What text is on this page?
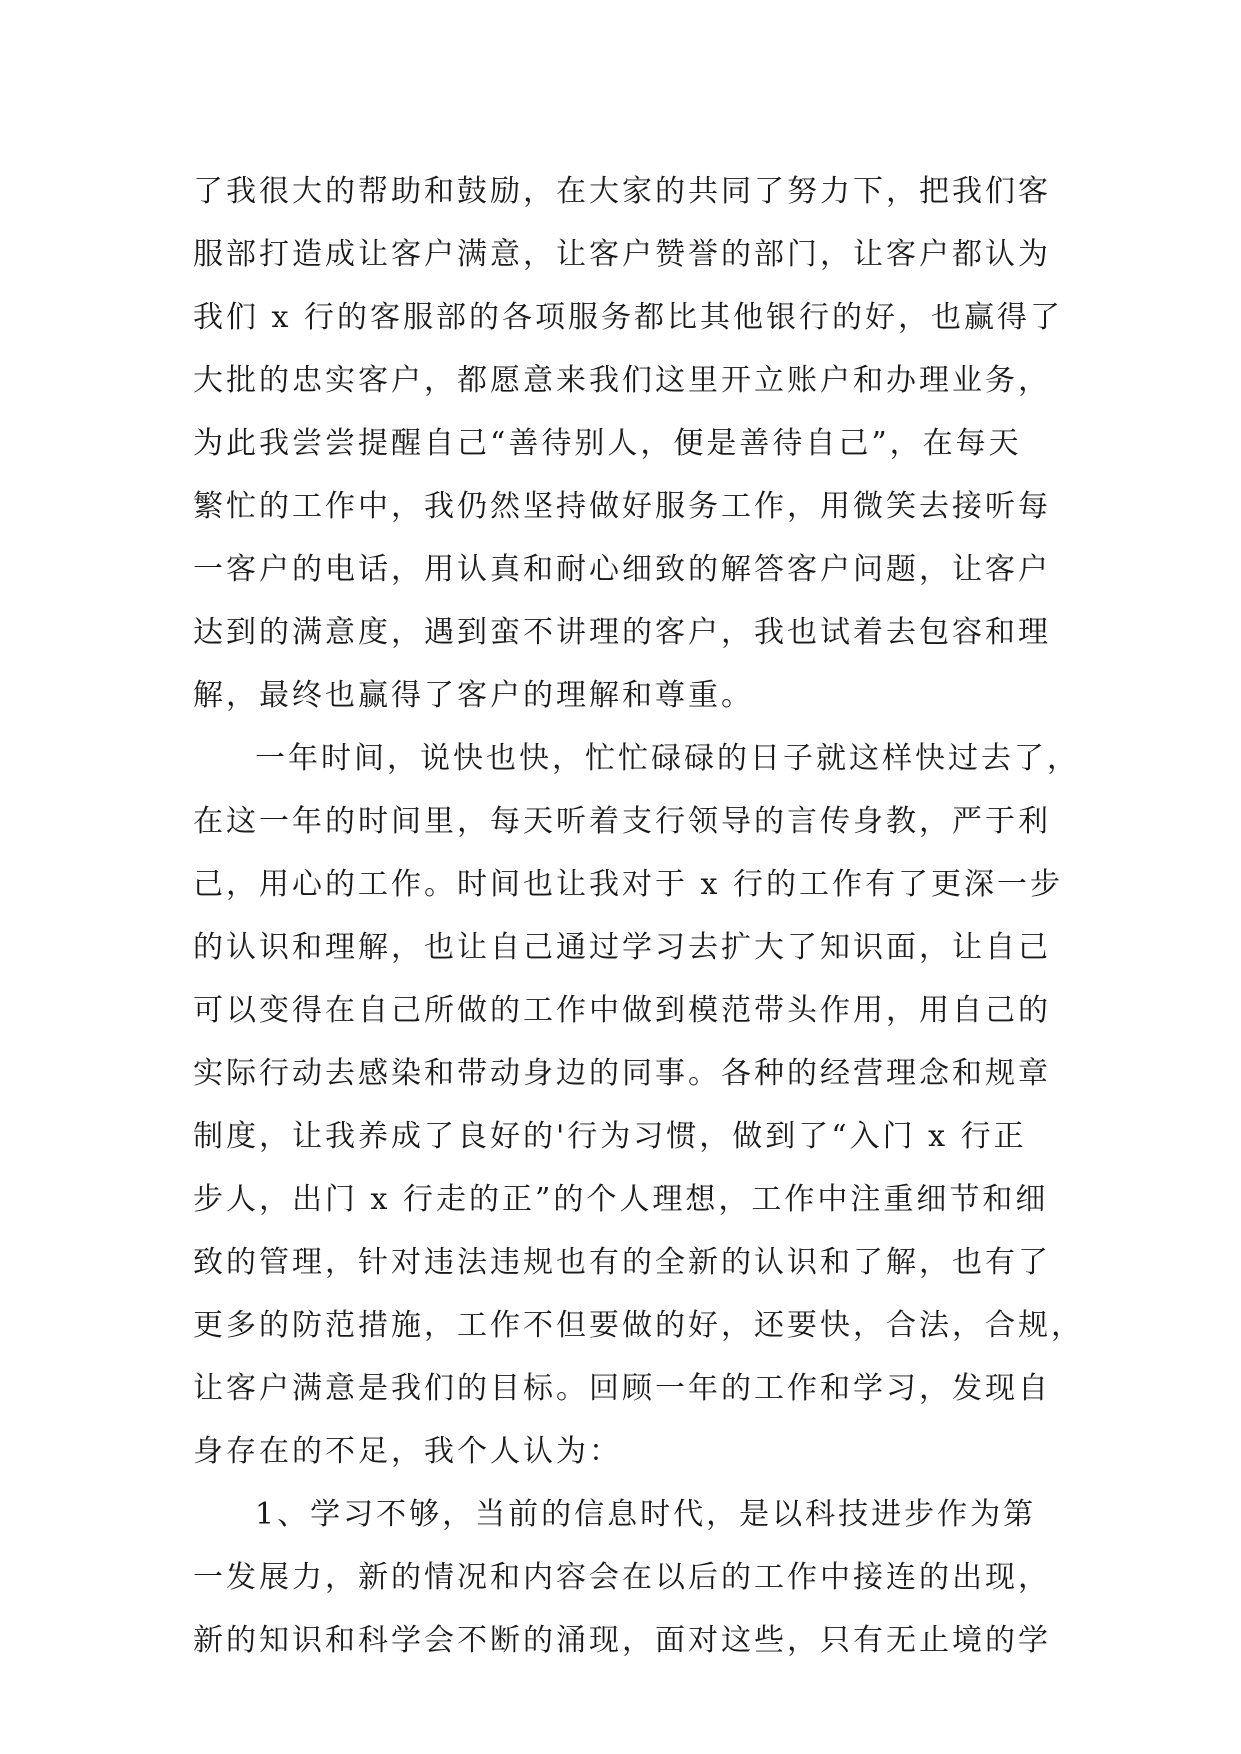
了我很大的帮助和鼓励，在大家的共同了努力下，把我们客
服部打造成让客户满意，让客户赞誉的部门，让客户都认为
我们 x 行的客服部的各项服务都比其他银行的好，也赢得了
大批的忠实客户，都愿意来我们这里开立账户和办理业务，
为此我尝尝提醒自己“善待别人，便是善待自己”，在每天
繁忙的工作中，我仍然坚持做好服务工作，用微笑去接听每
一客户的电话，用认真和耐心细致的解答客户问题，让客户
达到的满意度，遇到蛮不讲理的客户，我也试着去包容和理
解，最终也赢得了客户的理解和尊重。
一年时间，说快也快，忙忙碌碌的日子就这样快过去了，
在这一年的时间里，每天听着支行领导的言传身教，严于利
己，用心的工作。时间也让我对于 x 行的工作有了更深一步
的认识和理解，也让自己通过学习去扩大了知识面，让自己
可以变得在自己所做的工作中做到模范带头作用，用自己的
实际行动去感染和带动身边的同事。各种的经营理念和规章
制度，让我养成了良好的'行为习惯，做到了“入门 x 行正
步人，出门 x 行走的正”的个人理想，工作中注重细节和细
致的管理，针对违法违规也有的全新的认识和了解，也有了
更多的防范措施，工作不但要做的好，还要快，合法，合规，
让客户满意是我们的目标。回顾一年的工作和学习，发现自
身存在的不足，我个人认为：
1、学习不够，当前的信息时代，是以科技进步作为第
一发展力，新的情况和内容会在以后的工作中接连的出现，
新的知识和科学会不断的涌现，面对这些，只有无止境的学
